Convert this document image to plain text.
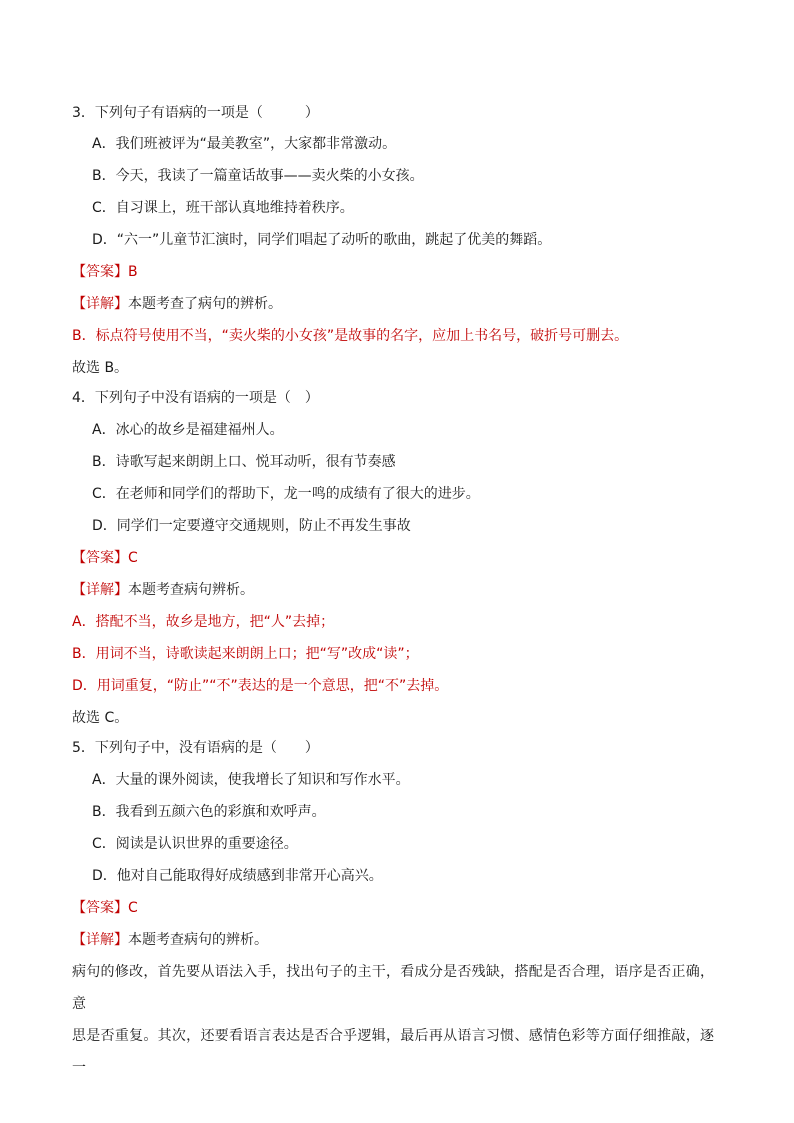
3．下列句子有语病的一项是（　　　）
A．我们班被评为“最美教室”，大家都非常激动。
B．今天，我读了一篇童话故事——卖火柴的小女孩。
C．自习课上，班干部认真地维持着秩序。
D．“六一”儿童节汇演时，同学们唱起了动听的歌曲，跳起了优美的舞蹈。
【答案】B
【详解】本题考查了病句的辨析。
B．标点符号使用不当，“卖火柴的小女孩”是故事的名字，应加上书名号，破折号可删去。
故选 B。
4．下列句子中没有语病的一项是（　）
A．冰心的故乡是福建福州人。
B．诗歌写起来朗朗上口、悦耳动听，很有节奏感
C．在老师和同学们的帮助下，龙一鸣的成绩有了很大的进步。
D．同学们一定要遵守交通规则，防止不再发生事故
【答案】C
【详解】本题考查病句辨析。
A．搭配不当，故乡是地方，把“人”去掉；
B．用词不当，诗歌读起来朗朗上口；把“写”改成“读”；
D．用词重复，“防止”“不”表达的是一个意思，把“不”去掉。
故选 C。
5．下列句子中，没有语病的是（　　）
A．大量的课外阅读，使我增长了知识和写作水平。
B．我看到五颜六色的彩旗和欢呼声。
C．阅读是认识世界的重要途径。
D．他对自己能取得好成绩感到非常开心高兴。
【答案】C
【详解】本题考查病句的辨析。
病句的修改，首先要从语法入手，找出句子的主干，看成分是否残缺，搭配是否合理，语序是否正确，意
思是否重复。其次，还要看语言表达是否合乎逻辑，最后再从语言习惯、感情色彩等方面仔细推敲，逐一
